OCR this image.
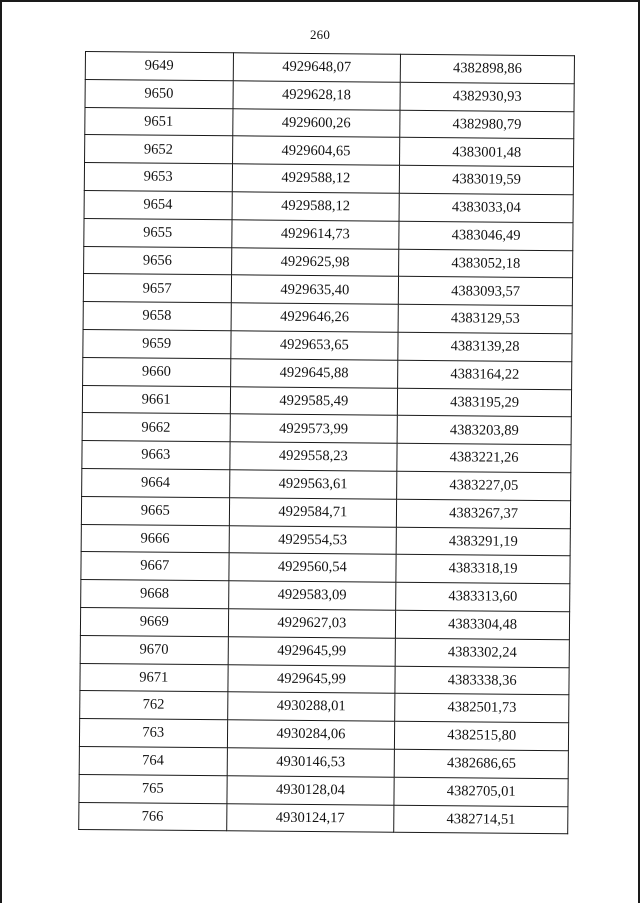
260
9649	4929648,07	4382898,86
9650	4929628,18	4382930,93
9651	4929600,26	4382980,79
9652	4929604,65	4383001,48
9653	4929588,12	4383019,59
9654	4929588,12	4383033,04
9655	4929614,73	4383046,49
9656	4929625,98	4383052,18
9657	4929635,40	4383093,57
9658	4929646,26	4383129,53
9659	4929653,65	4383139,28
9660	4929645,88	4383164,22
9661	4929585,49	4383195,29
9662	4929573,99	4383203,89
9663	4929558,23	4383221,26
9664	4929563,61	4383227,05
9665	4929584,71	4383267,37
9666	4929554,53	4383291,19
9667	4929560,54	4383318,19
9668	4929583,09	4383313,60
9669	4929627,03	4383304,48
9670	4929645,99	4383302,24
9671	4929645,99	4383338,36
762	4930288,01	4382501,73
763	4930284,06	4382515,80
764	4930146,53	4382686,65
765	4930128,04	4382705,01
766	4930124,17	4382714,51
